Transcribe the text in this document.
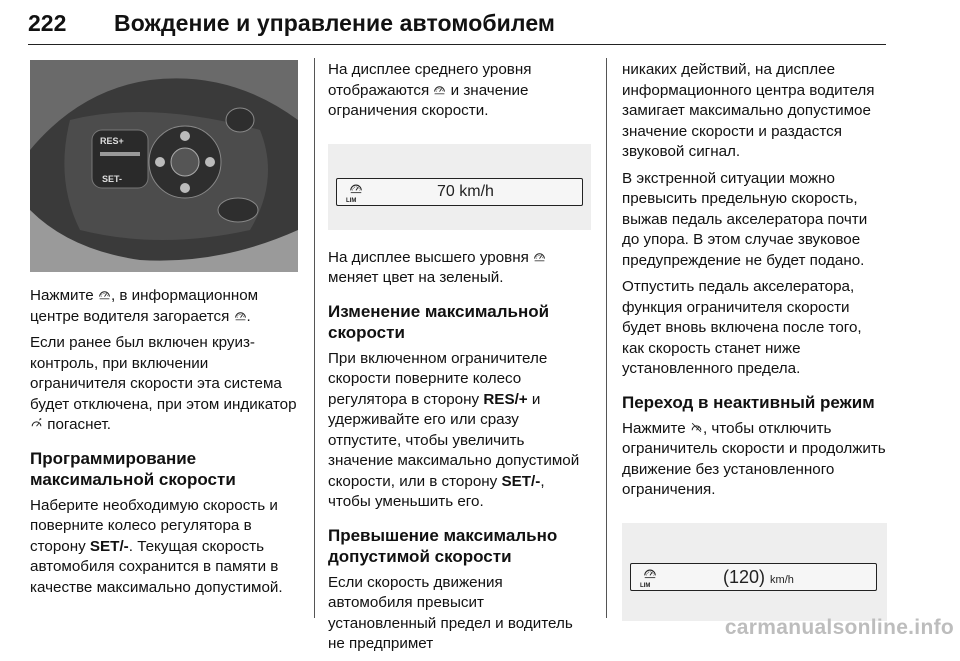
222 Вождение и управление автомобилем
RES+
SET-

Нажмите , в информационном центре водителя загорается .

Если ранее был включен круиз-контроль, при включении ограничителя скорости эта система будет отключена, при этом индикатор  погаснет.

Программирование максимальной скорости

Наберите необходимую скорость и поверните колесо регулятора в сторону SET/-. Текущая скорость автомобиля сохранится в памяти в качестве максимально допустимой.

На дисплее среднего уровня отображаются  и значение ограничения скорости.

LIM
70 km/h

На дисплее высшего уровня  меняет цвет на зеленый.

Изменение максимальной скорости

При включенном ограничителе скорости поверните колесо регулятора в сторону RES/+ и удерживайте его или сразу отпустите, чтобы увеличить значение максимально допустимой скорости, или в сторону SET/-, чтобы уменьшить его.

Превышение максимально допустимой скорости

Если скорость движения автомобиля превысит установленный предел и водитель не предпримет

никаких действий, на дисплее информационного центра водителя замигает максимально допустимое значение скорости и раздастся звуковой сигнал.

В экстренной ситуации можно превысить предельную скорость, выжав педаль акселератора почти до упора. В этом случае звуковое предупреждение не будет подано.

Отпустить педаль акселератора, функция ограничителя скорости будет вновь включена после того, как скорость станет ниже установленного предела.

Переход в неактивный режим

Нажмите , чтобы отключить ограничитель скорости и продолжить движение без установленного ограничения.

LIM	(120) km/h
carmanualsonline.info
